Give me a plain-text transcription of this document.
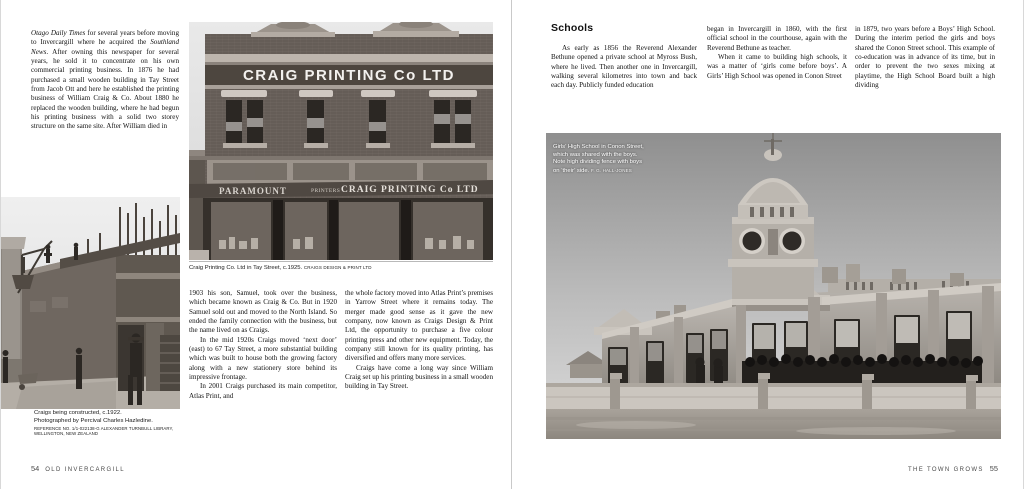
CRAIG PRINTING Co LTD
PARAMOUNT	PRINTERS CRAIG PRINTING Co LTD
Craig Printing Co. Ltd in Tay Street, c.1925. CRAIGS DESIGN & PRINT LTD

Otago Daily Times for several years before moving to Invercargill where he acquired the Southland News. After owning this newspaper for several years, he sold it to concentrate on his own commercial printing business. In 1876 he had purchased a small wooden building in Tay Street from Jacob Ott and here he established the printing business of William Craig & Co. About 1880 he replaced the wooden building, where he had begun his printing business with a solid two storey structure on the same site. After William died in

Craigs being constructed, c.1922.
Photographed by Percival Charles Hazledine.
REFERENCE NO. 1/1-022138-G ALEXANDER TURNBULL LIBRARY, WELLINGTON, NEW ZEALAND

1903 his son, Samuel, took over the business, which became known as Craig & Co. But in 1920 Samuel sold out and moved to the North Island. So ended the family connection with the business, but the name lived on as Craigs.

In the mid 1920s Craigs moved ‘next door’ (east) to 67 Tay Street, a more substantial building which was built to house both the growing factory along with a new stationery store behind its impressive frontage.

In 2001 Craigs purchased its main competitor, Atlas Print, and

the whole factory moved into Atlas Print’s premises in Yarrow Street where it remains today. The merger made good sense as it gave the new company, now known as Craigs Design & Print Ltd, the opportunity to purchase a five colour printing press and other new equipment. Today, the company still known for its quality printing, has diversified and offers many more services.

Craigs have come a long way since William Craig set up his printing business in a small wooden building in Tay Street.

54 OLD INVERCARGILL
Schools

As early as 1856 the Reverend Alexander Bethune opened a private school at Myross Bush, where he lived. Then another one in Invercargill, walking several kilometres into town and back each day. Publicly funded education

began in Invercargill in 1860, with the first official school in the courthouse, again with the Reverend Bethune as teacher.

When it came to building high schools, it was a matter of ‘girls come before boys’. A Girls’ High School was opened in Conon Street

in 1879, two years before a Boys’ High School. During the interim period the girls and boys shared the Conon Street school. This example of co-education was in advance of its time, but in order to prevent the two sexes mixing at playtime, the High School Board built a high dividing

Girls’ High School in Conon Street,
which was shared with the boys.
Note high dividing fence with boys
on ‘their’ side. F. G. HALL-JONES
THE TOWN GROWS 55
